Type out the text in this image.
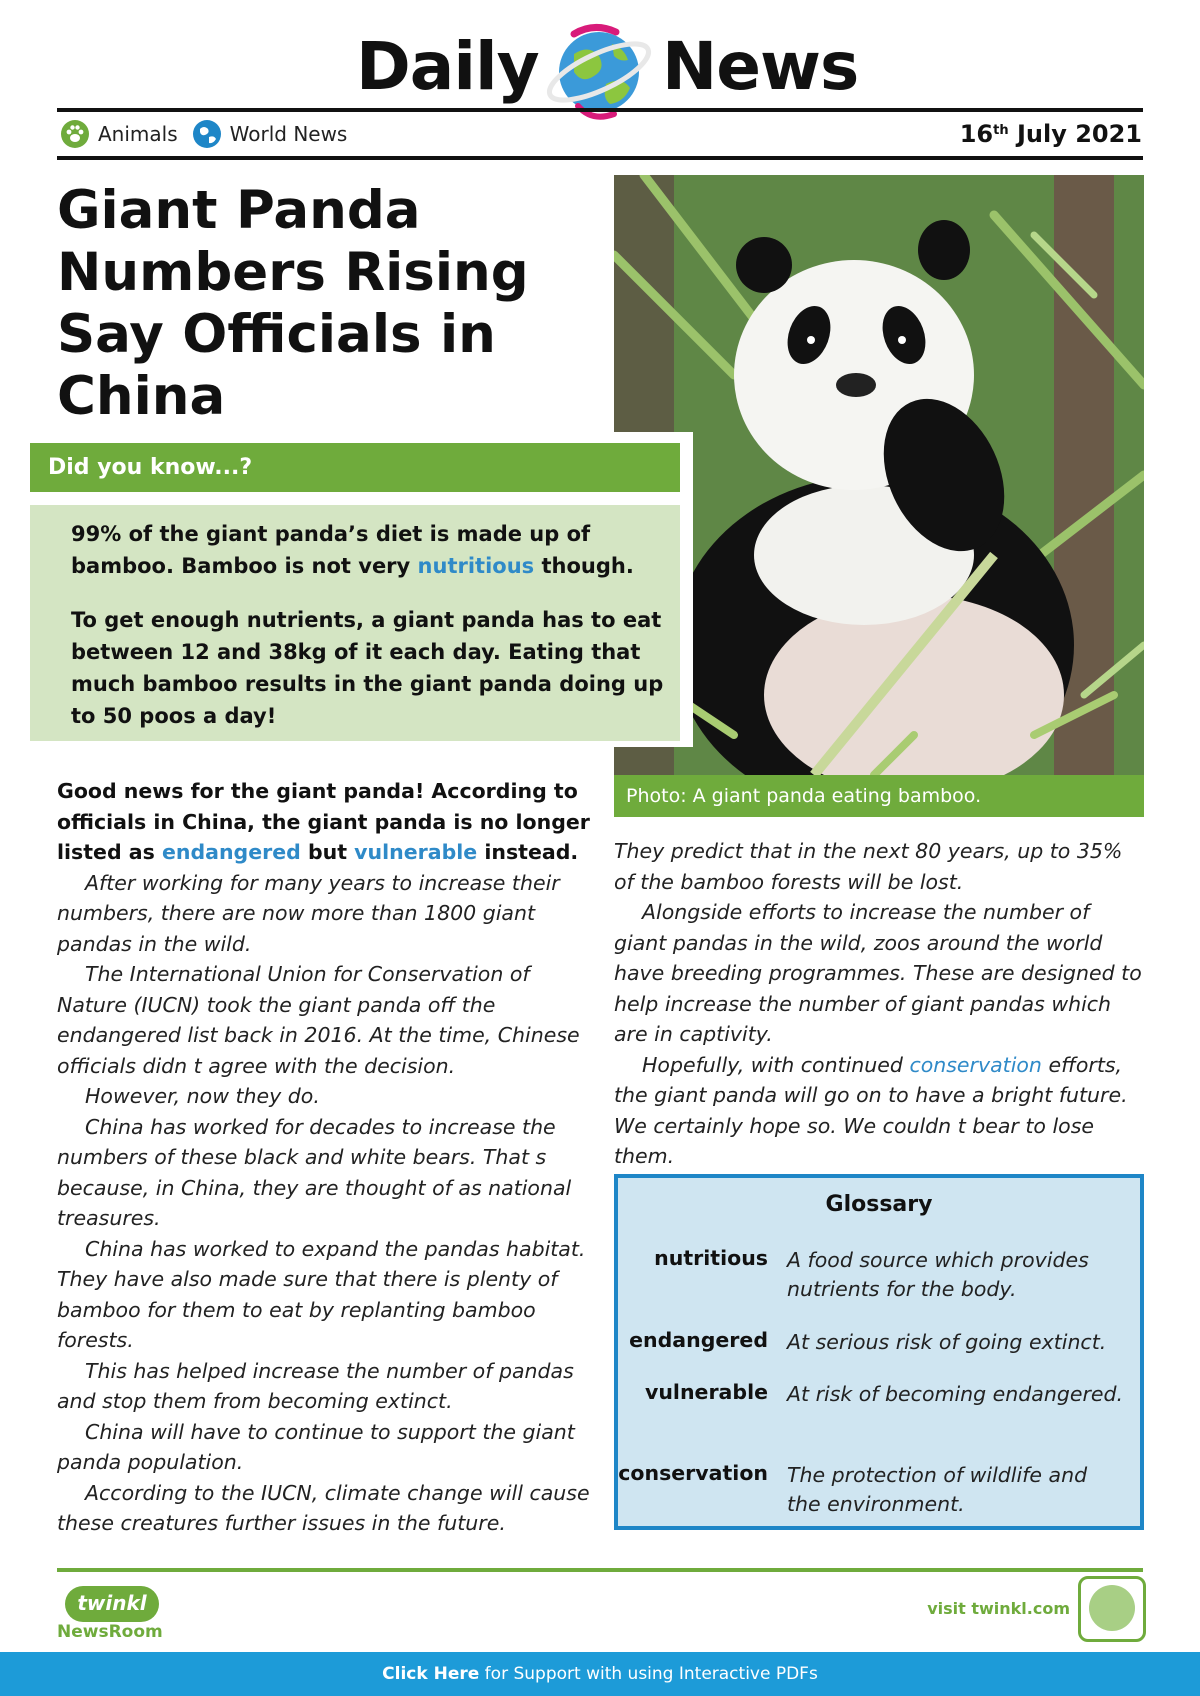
Daily News
Animals	World News	16th July 2021
Giant Panda
Numbers Rising
Say Officials in
China
Photo: A giant panda eating bamboo.
Did you know...?

99% of the giant panda’s diet is made up of bamboo. Bamboo is not very nutritious though.

To get enough nutrients, a giant panda has to eat between 12 and 38kg of it each day. Eating that much bamboo results in the giant panda doing up to 50 poos a day!

Good news for the giant panda! According to officials in China, the giant panda is no longer listed as endangered but vulnerable instead.

After working for many years to increase their numbers, there are now more than 1800 giant pandas in the wild.

The International Union for Conservation of Nature (IUCN) took the giant panda off the endangered list back in 2016. At the time, Chinese officials didn t agree with the decision.

However, now they do.

China has worked for decades to increase the numbers of these black and white bears. That s because, in China, they are thought of as national treasures.

China has worked to expand the pandas habitat. They have also made sure that there is plenty of bamboo for them to eat by replanting bamboo forests.

This has helped increase the number of pandas and stop them from becoming extinct.

China will have to continue to support the giant panda population.

According to the IUCN, climate change will cause these creatures further issues in the future.

They predict that in the next 80 years, up to 35% of the bamboo forests will be lost.

Alongside efforts to increase the number of giant pandas in the wild, zoos around the world have breeding programmes. These are designed to help increase the number of giant pandas which are in captivity.

Hopefully, with continued conservation efforts, the giant panda will go on to have a bright future. We certainly hope so. We couldn t bear to lose them.

Glossary
nutritious A food source which provides nutrients for the body.
endangered At serious risk of going extinct.
vulnerable At risk of becoming endangered.
conservation The protection of wildlife and the environment.
twinkl
NewsRoom
visit twinkl.com
Click Here for Support with using Interactive PDFs
